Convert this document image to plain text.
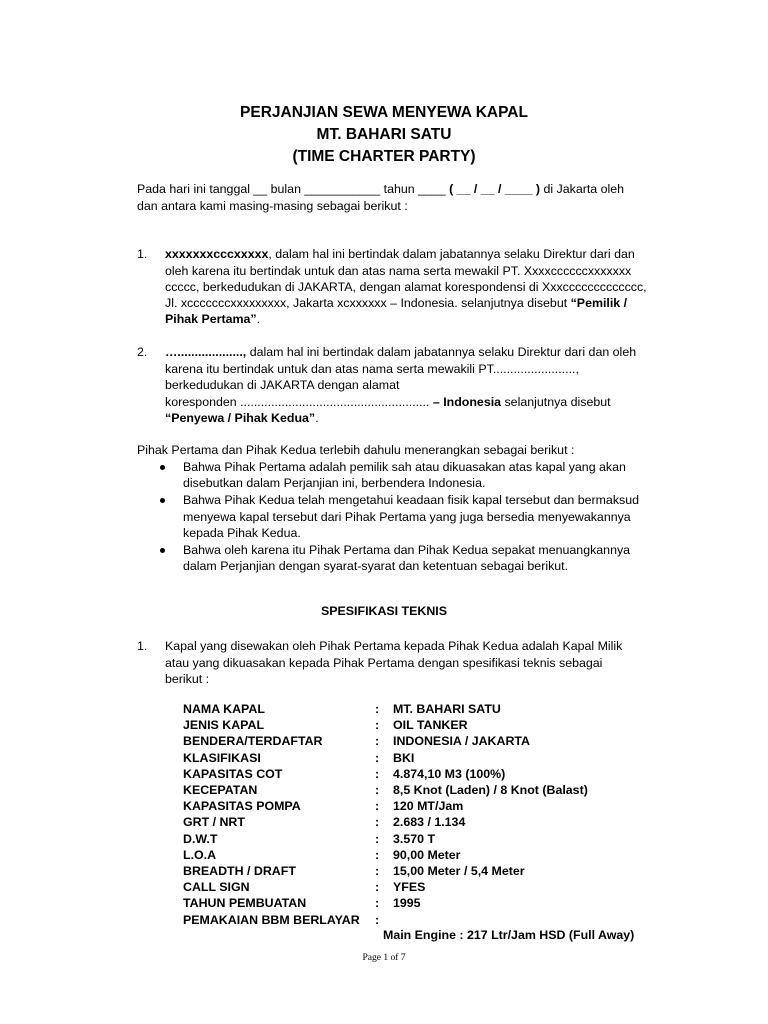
PERJANJIAN SEWA MENYEWA KAPAL
MT. BAHARI SATU
(TIME CHARTER PARTY)
Pada hari ini tanggal __ bulan ___________ tahun ____ ( __ / __ / ____ ) di Jakarta oleh
dan antara kami masing-masing sebagai berikut :
1. xxxxxxxcccxxxxx, dalam hal ini bertindak dalam jabatannya selaku Direktur dari dan
oleh karena itu bertindak untuk dan atas nama serta mewakil PT. Xxxxccccccxxxxxxx
ccccc, berkedudukan di JAKARTA, dengan alamat korespondensi di Xxxccccccccccccc,
Jl. xcccccccxxxxxxxxx, Jakarta xcxxxxxx – Indonesia. selanjutnya disebut “Pemilik /
Pihak Pertama”.
2. …..................., dalam hal ini bertindak dalam jabatannya selaku Direktur dari dan oleh
karena itu bertindak untuk dan atas nama serta mewakili PT........................,
berkedudukan di JAKARTA dengan alamat
koresponden ....................................................... – Indonesia selanjutnya disebut
“Penyewa / Pihak Kedua”.
Pihak Pertama dan Pihak Kedua terlebih dahulu menerangkan sebagai berikut :
Bahwa Pihak Pertama adalah pemilik sah atau dikuasakan atas kapal yang akan
disebutkan dalam Perjanjian ini, berbendera Indonesia.
Bahwa Pihak Kedua telah mengetahui keadaan fisik kapal tersebut dan bermaksud
menyewa kapal tersebut dari Pihak Pertama yang juga bersedia menyewakannya
kepada Pihak Kedua.
Bahwa oleh karena itu Pihak Pertama dan Pihak Kedua sepakat menuangkannya
dalam Perjanjian dengan syarat-syarat dan ketentuan sebagai berikut.
SPESIFIKASI TEKNIS
1. Kapal yang disewakan oleh Pihak Pertama kepada Pihak Kedua adalah Kapal Milik
atau yang dikuasakan kepada Pihak Pertama dengan spesifikasi teknis sebagai
berikut :
NAMA KAPAL	: MT. BAHARI SATU
JENIS KAPAL	: OIL TANKER
BENDERA/TERDAFTAR	: INDONESIA / JAKARTA
KLASIFIKASI	: BKI
KAPASITAS COT	: 4.874,10 M3 (100%)
KECEPATAN	: 8,5 Knot (Laden) / 8 Knot (Balast)
KAPASITAS POMPA	: 120 MT/Jam
GRT / NRT	: 2.683 / 1.134
D.W.T	: 3.570 T
L.O.A	: 90,00 Meter
BREADTH / DRAFT	: 15,00 Meter / 5,4 Meter
CALL SIGN	: YFES
TAHUN PEMBUATAN	: 1995
PEMAKAIAN BBM BERLAYAR :
Main Engine : 217 Ltr/Jam HSD (Full Away)
Page 1 of 7
